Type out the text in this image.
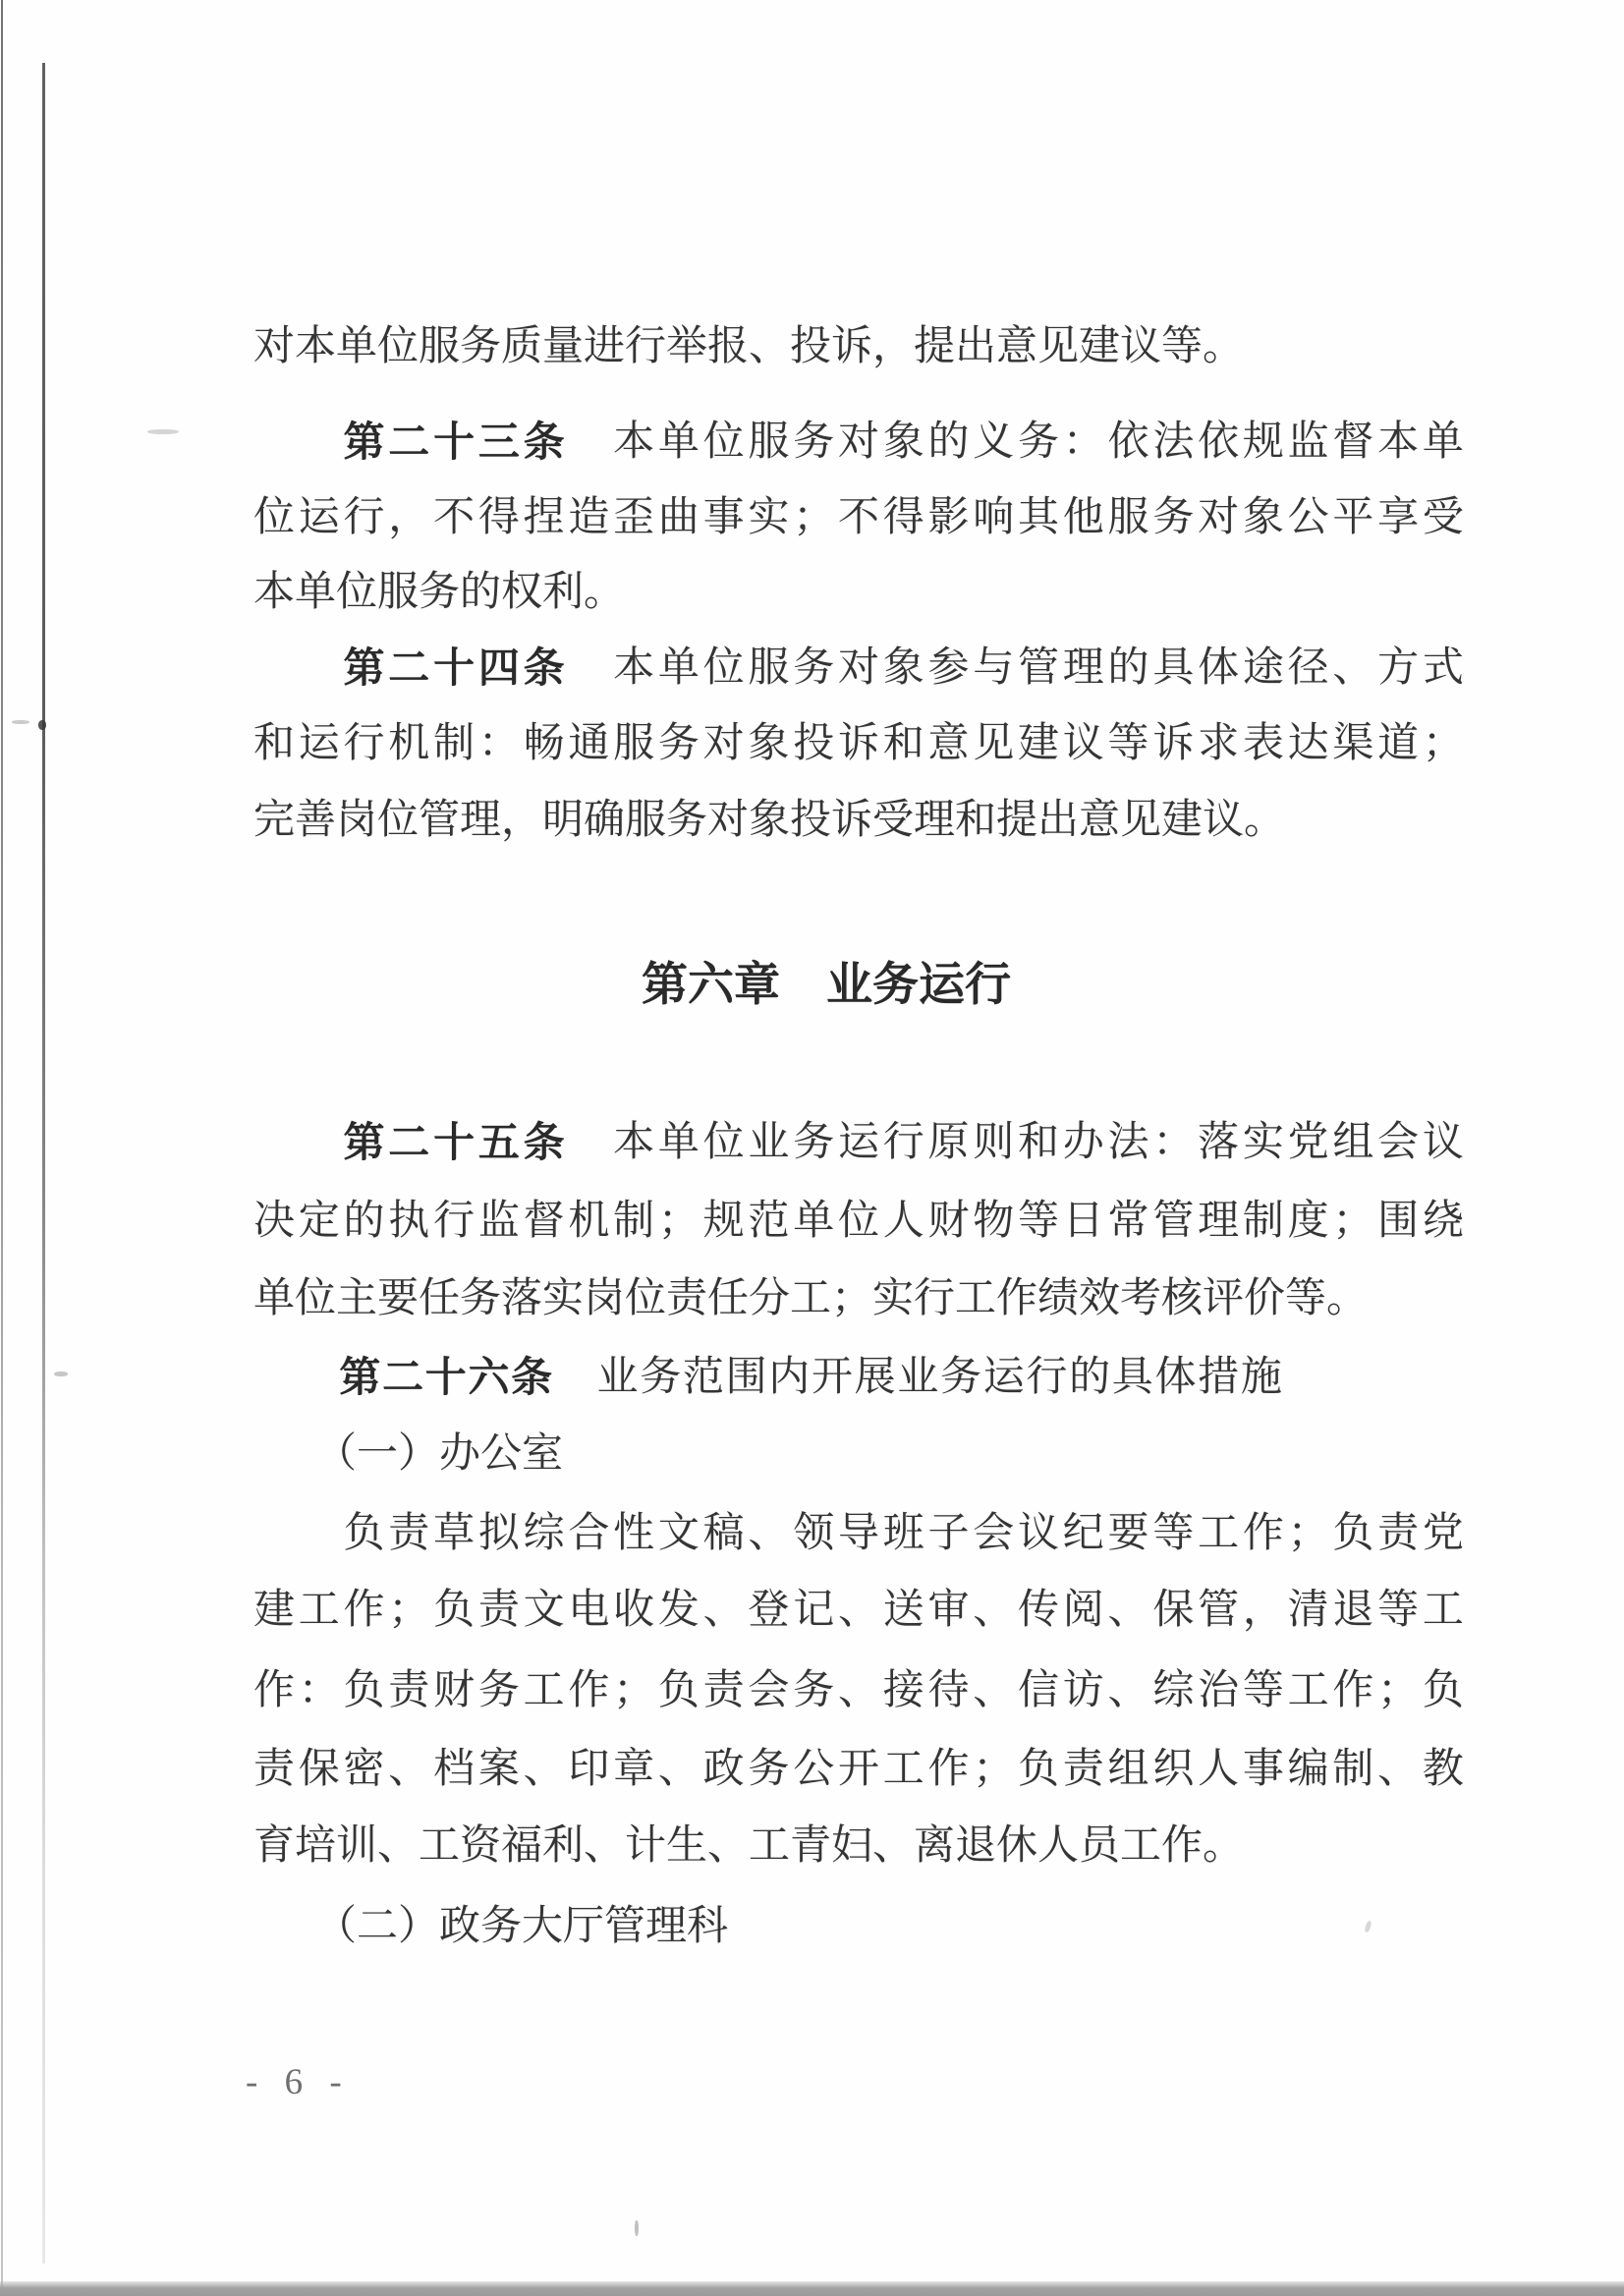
对本单位服务质量进行举报、投诉，提出意见建议等。

第 二 十 三 条
　 本 单 位 服 务 对 象 的 义 务 ： 依 法 依 规 监 督 本 单
位 运 行 ， 不 得 捏 造 歪 曲 事 实 ； 不 得 影 响 其 他 服 务 对 象 公 平 享 受
本单位服务的权利。

第 二 十 四 条
　 本 单 位 服 务 对 象 参 与 管 理 的 具 体 途 径 、 方 式
和 运 行 机 制 ： 畅 通 服 务 对 象 投 诉 和 意 见 建 议 等 诉 求 表 达 渠 道 ；
完善岗位管理，明确服务对象投诉受理和提出意见建议。
第六章　业务运行

第 二 十 五 条
　 本 单 位 业 务 运 行 原 则 和 办 法 ： 落 实 党 组 会 议
决 定 的 执 行 监 督 机 制 ； 规 范 单 位 人 财 物 等 日 常 管 理 制 度 ； 围 绕
单位主要任务落实岗位责任分工；实行工作绩效考核评价等。

第 二 十 六 条
　 业 务 范 围 内 开 展 业 务 运 行 的 具 体 措 施
　　（一）办公室

负 责 草 拟 综 合 性 文 稿 、 领 导 班 子 会 议 纪 要 等 工 作 ； 负 责 党
建 工 作 ； 负 责 文 电 收 发 、 登 记 、 送 审 、 传 阅 、 保 管 ， 清 退 等 工
作 ： 负 责 财 务 工 作 ； 负 责 会 务 、 接 待 、 信 访 、 综 治 等 工 作 ； 负
责 保 密 、 档 案 、 印 章 、 政 务 公 开 工 作 ； 负 责 组 织 人 事 编 制 、 教
育培训、工资福利、计生、工青妇、离退休人员工作。
　　（二）政务大厅管理科
- 6 -
